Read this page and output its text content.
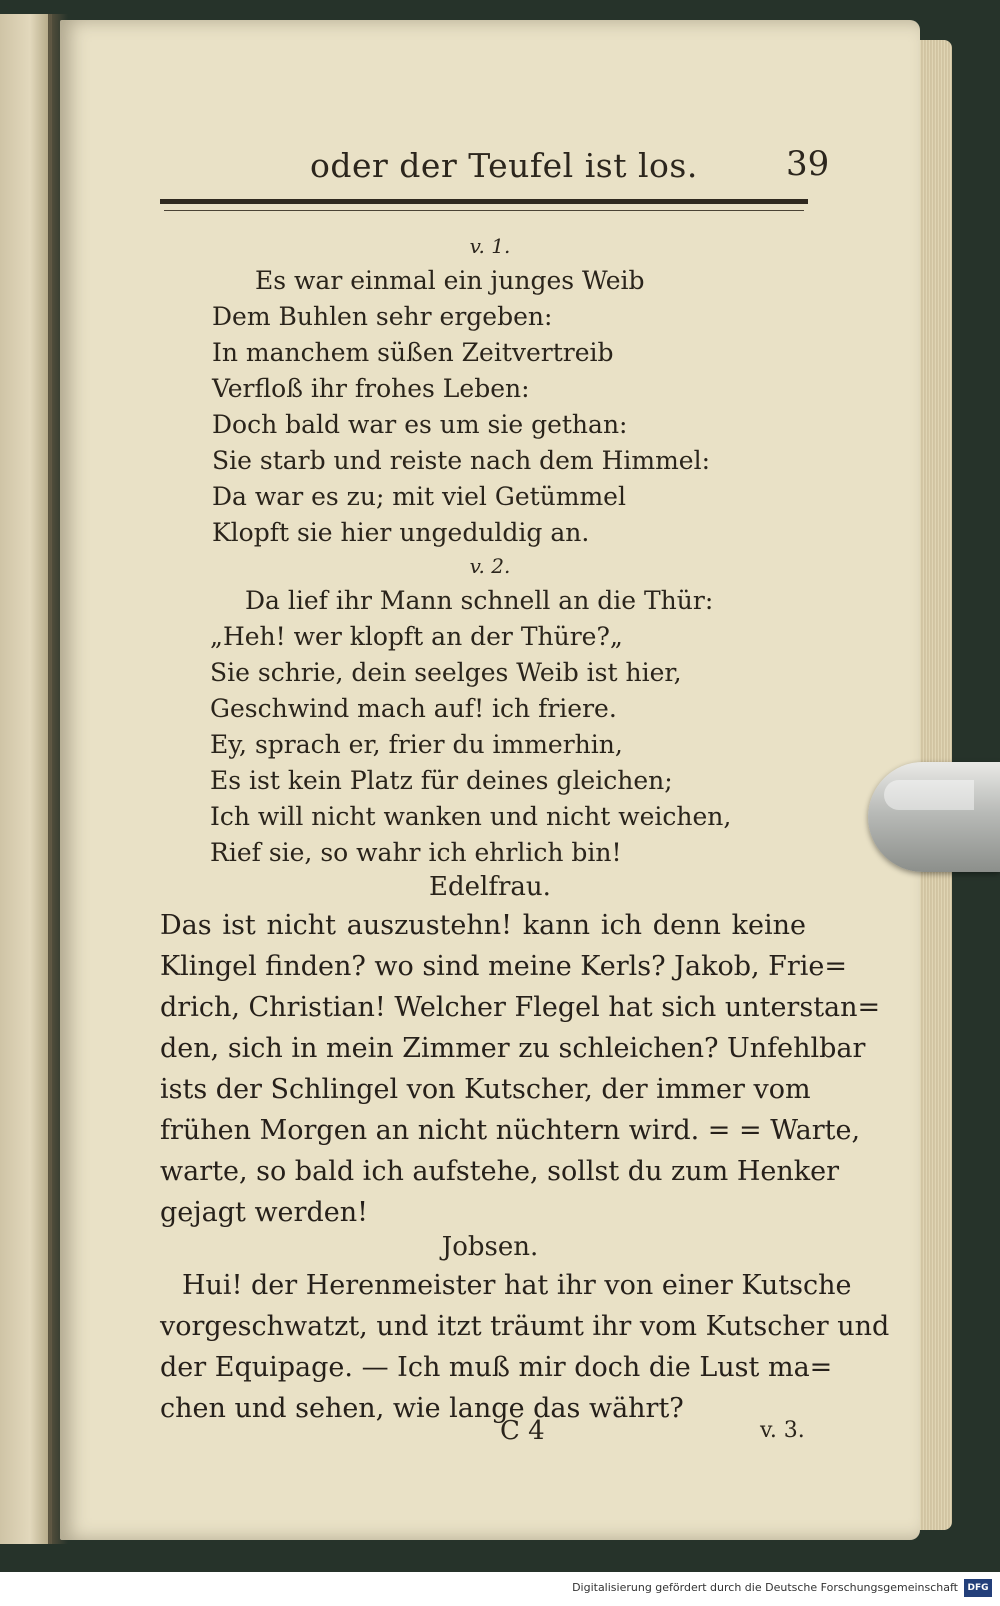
oder der Teufel ist los.	39
v. 1.
Es war einmal ein junges Weib
Dem Buhlen sehr ergeben:
In manchem süßen Zeitvertreib
Verfloß ihr frohes Leben:
Doch bald war es um sie gethan:
Sie starb und reiste nach dem Himmel:
Da war es zu; mit viel Getümmel
Klopft sie hier ungeduldig an.
v. 2.
Da lief ihr Mann schnell an die Thür:
„Heh! wer klopft an der Thüre?„
Sie schrie, dein seelges Weib ist hier,
Geschwind mach auf! ich friere.
Ey, sprach er, frier du immerhin,
Es ist kein Platz für deines gleichen;
Ich will nicht wanken und nicht weichen,
Rief sie, so wahr ich ehrlich bin!
Edelfrau.
Das ist nicht auszustehn! kann ich denn keine
Klingel finden? wo sind meine Kerls? Jakob, Frie=
drich, Christian! Welcher Flegel hat sich unterstan=
den, sich in mein Zimmer zu schleichen? Unfehlbar
ists der Schlingel von Kutscher, der immer vom
frühen Morgen an nicht nüchtern wird. = = Warte,
warte, so bald ich aufstehe, sollst du zum Henker
gejagt werden!
Jobsen.
Hui! der Herenmeister hat ihr von einer Kutsche
vorgeschwatzt, und itzt träumt ihr vom Kutscher und
der Equipage. — Ich muß mir doch die Lust ma=
chen und sehen, wie lange das währt?
C 4	v. 3.
Digitalisierung gefördert durch die Deutsche Forschungsgemeinschaft	DFG
